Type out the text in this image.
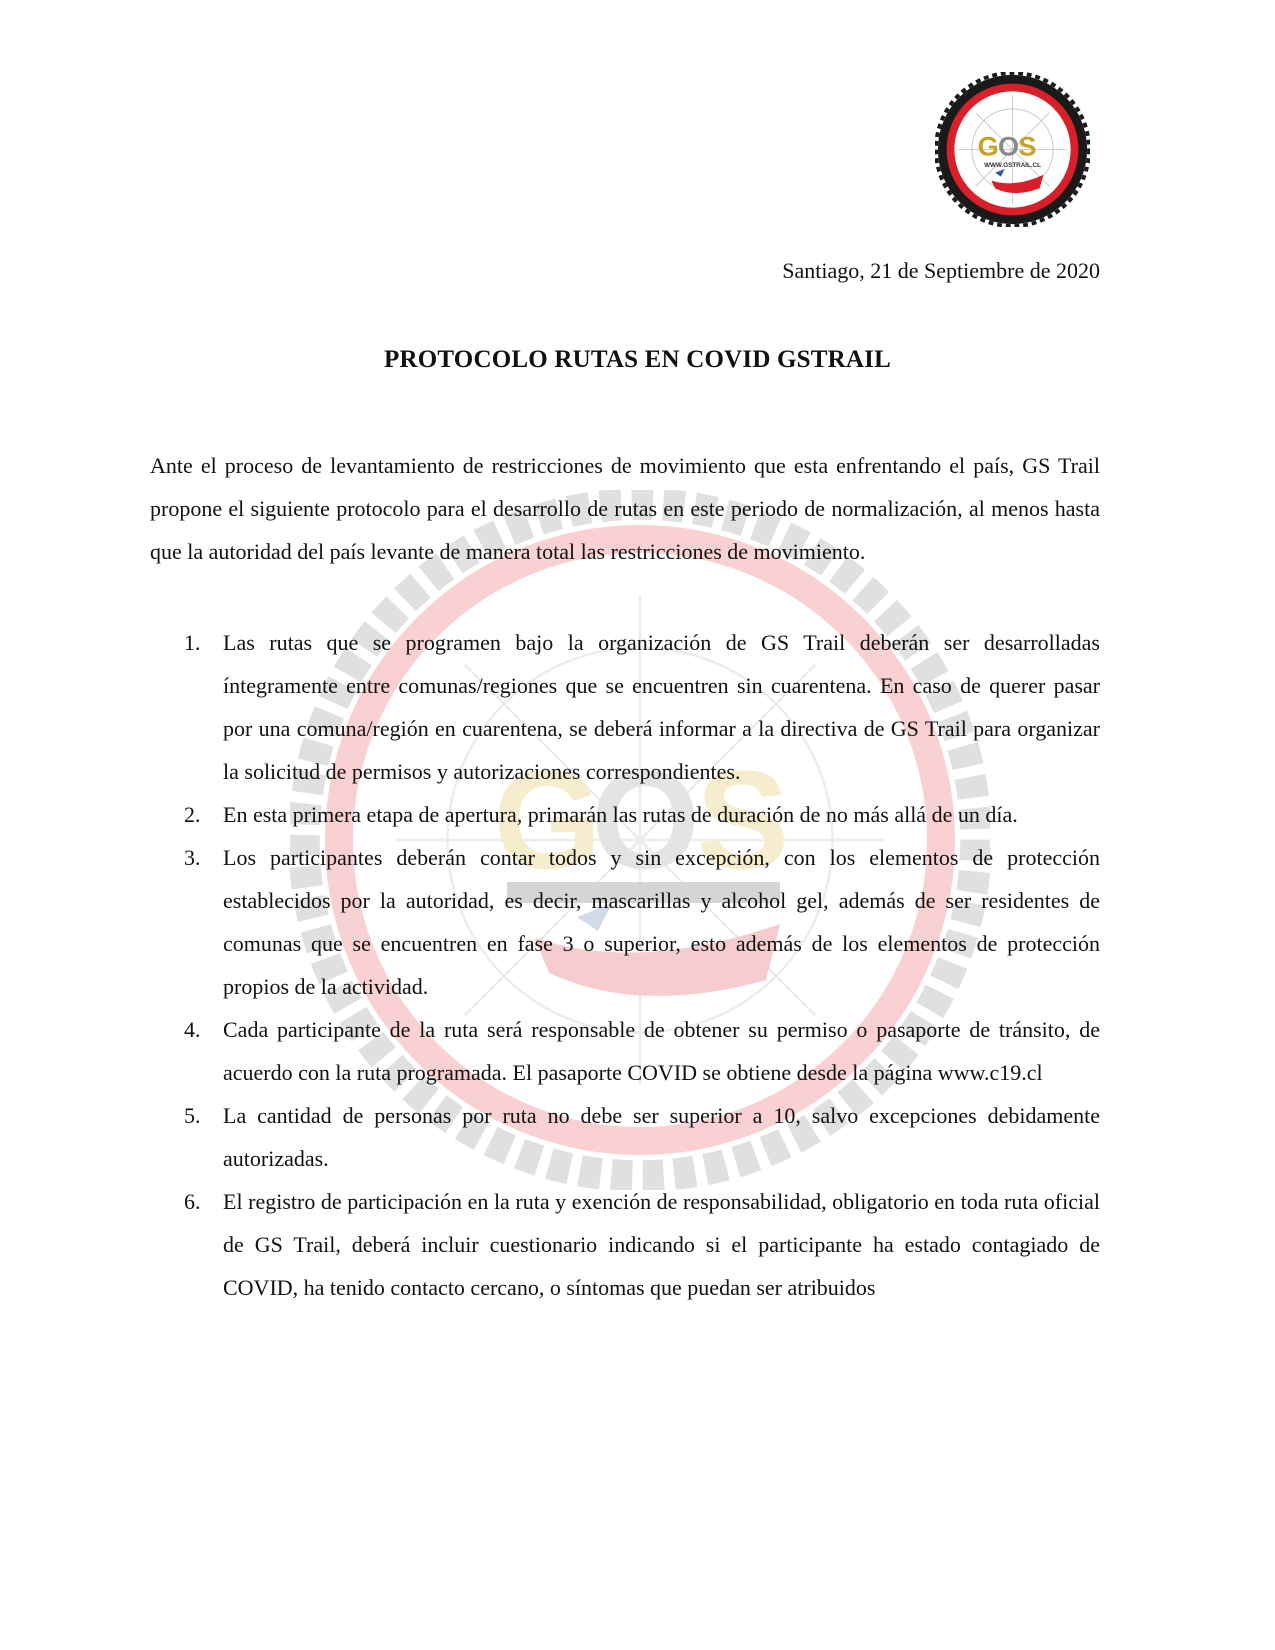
G
O
S
G O S
WWW.GSTRAIL.CL
Santiago, 21 de Septiembre de 2020
PROTOCOLO RUTAS EN COVID GSTRAIL

Ante el proceso de levantamiento de restricciones de movimiento que esta enfrentando el país, GS Trail propone el siguiente protocolo para el desarrollo de rutas en este periodo de normalización, al menos hasta que la autoridad del país levante de manera total las restricciones de movimiento.

1. Las rutas que se programen bajo la organización de GS Trail deberán ser desarrolladas íntegramente entre comunas/regiones que se encuentren sin cuarentena. En caso de querer pasar por una comuna/región en cuarentena, se deberá informar a la directiva de GS Trail para organizar la solicitud de permisos y autorizaciones correspondientes.
2. En esta primera etapa de apertura, primarán las rutas de duración de no más allá de un día.
3. Los participantes deberán contar todos y sin excepción, con los elementos de protección establecidos por la autoridad, es decir, mascarillas y alcohol gel, además de ser residentes de comunas que se encuentren en fase 3 o superior, esto además de los elementos de protección propios de la actividad.
4. Cada participante de la ruta será responsable de obtener su permiso o pasaporte de tránsito, de acuerdo con la ruta programada. El pasaporte COVID se obtiene desde la página www.c19.cl
5. La cantidad de personas por ruta no debe ser superior a 10, salvo excepciones debidamente autorizadas.
6. El registro de participación en la ruta y exención de responsabilidad, obligatorio en toda ruta oficial de GS Trail, deberá incluir cuestionario indicando si el participante ha estado contagiado de COVID, ha tenido contacto cercano, o síntomas que puedan ser atribuidos
